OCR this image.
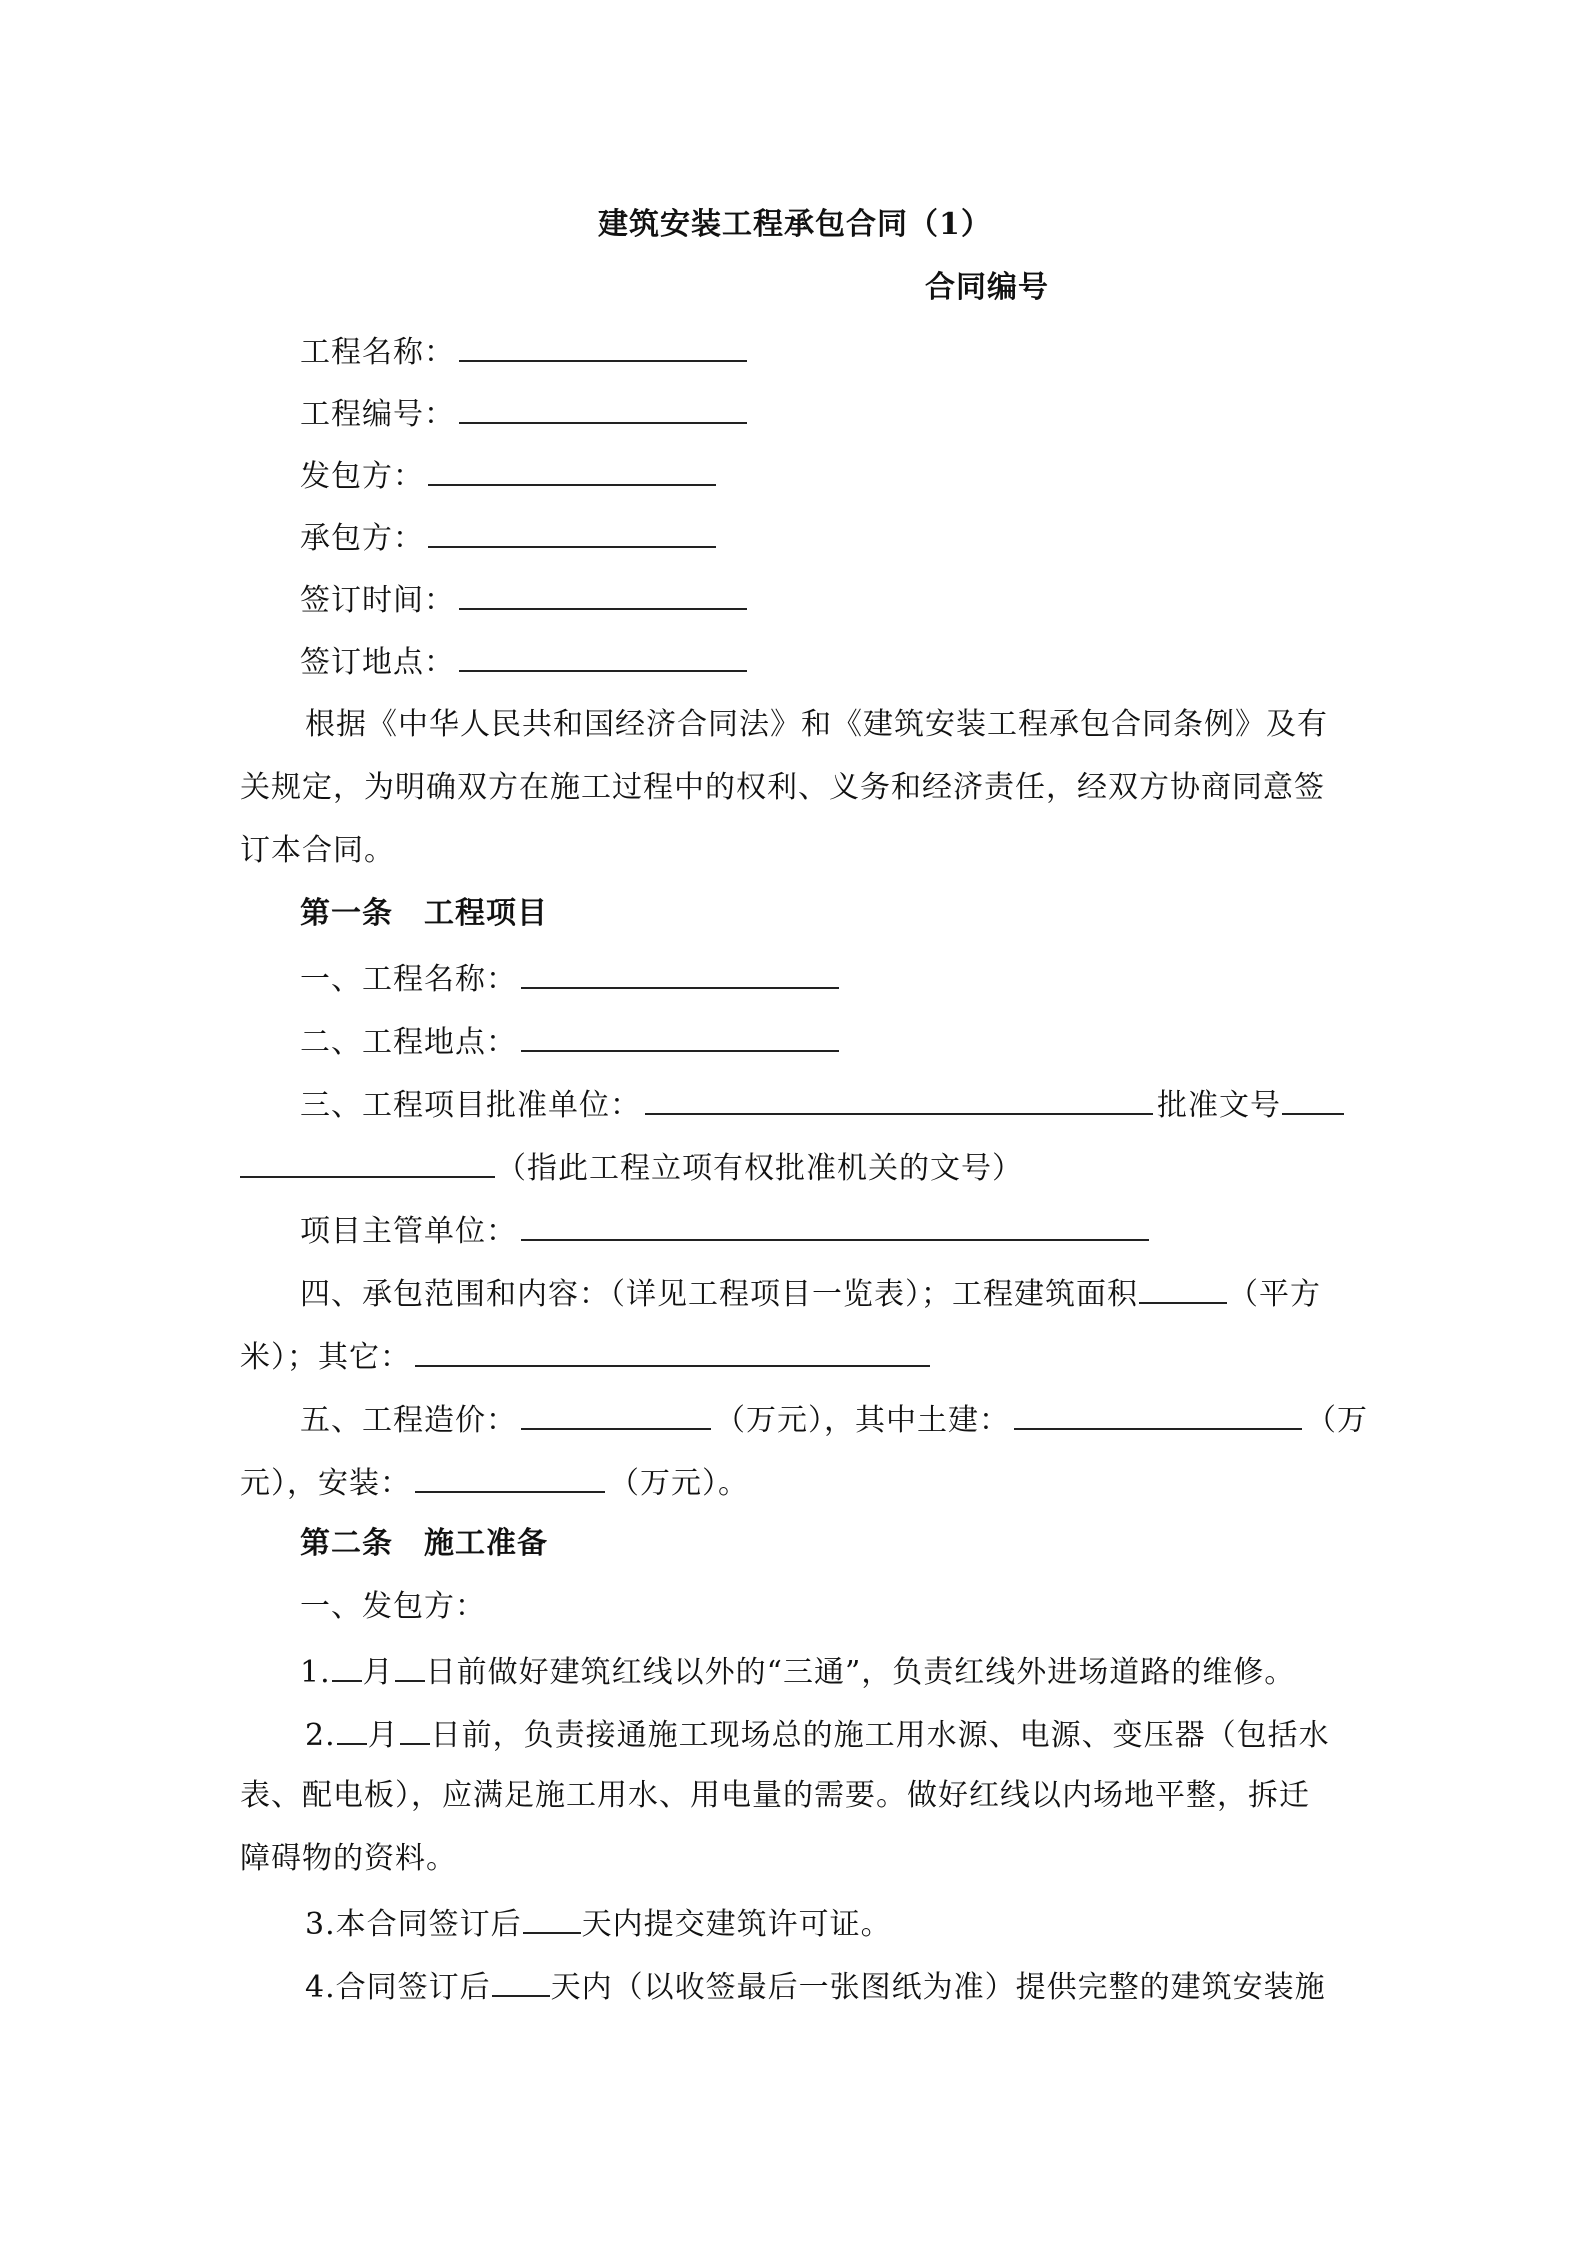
建筑安装工程承包合同（1）
合同编号
工程名称：
工程编号：
发包方：
承包方：
签订时间：
签订地点：
根据《中华人民共和国经济合同法》和《建筑安装工程承包合同条例》及有
关规定，为明确双方在施工过程中的权利、义务和经济责任，经双方协商同意签
订本合同。
第一条　工程项目
一、工程名称：
二、工程地点：
三、工程项目批准单位：	批准文号
（指此工程立项有权批准机关的文号）
项目主管单位：
四、承包范围和内容：（详见工程项目一览表）；工程建筑面积	（平方
米）；其它：
五、工程造价：	（万元），其中土建：	（万
元），安装：	（万元）。
第二条　施工准备
一、发包方：
1. 月 日前做好建筑红线以外的“三通”，负责红线外进场道路的维修。
2. 月 日前，负责接通施工现场总的施工用水源、电源、变压器（包括水
表、配电板），应满足施工用水、用电量的需要。做好红线以内场地平整，拆迁
障碍物的资料。
3.本合同签订后 天内提交建筑许可证。
4.合同签订后 天内（以收签最后一张图纸为准）提供完整的建筑安装施
